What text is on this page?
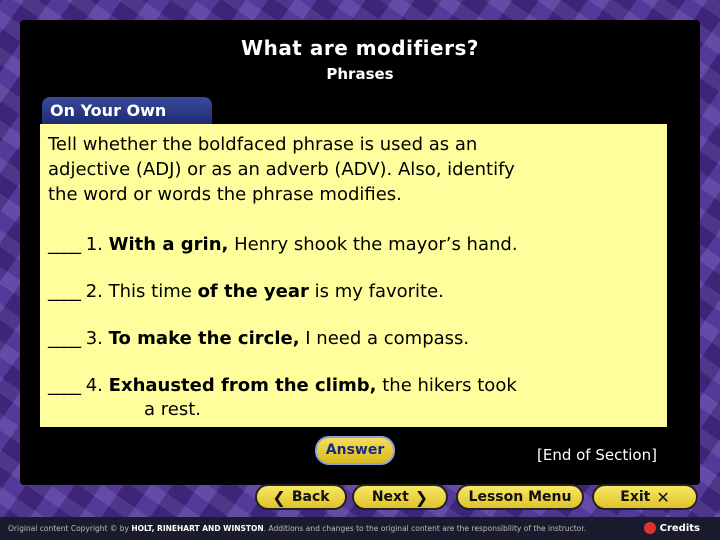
What are modifiers?
Phrases
On Your Own
Tell whether the boldfaced phrase is used as an
adjective (ADJ) or as an adverb (ADV). Also, identify
the word or words the phrase modifies.
____ 1. With a grin, Henry shook the mayor’s hand.
____ 2. This time of the year is my favorite.
____ 3. To make the circle, I need a compass.
____ 4. Exhausted from the climb, the hikers took
a rest.
Answer	[End of Section]
❮ Back	Next ❯	Lesson Menu	Exit ✕
Original content Copyright © by HOLT, RINEHART AND WINSTON. Additions and changes to the original content are the responsibility of the instructor.	Credits
